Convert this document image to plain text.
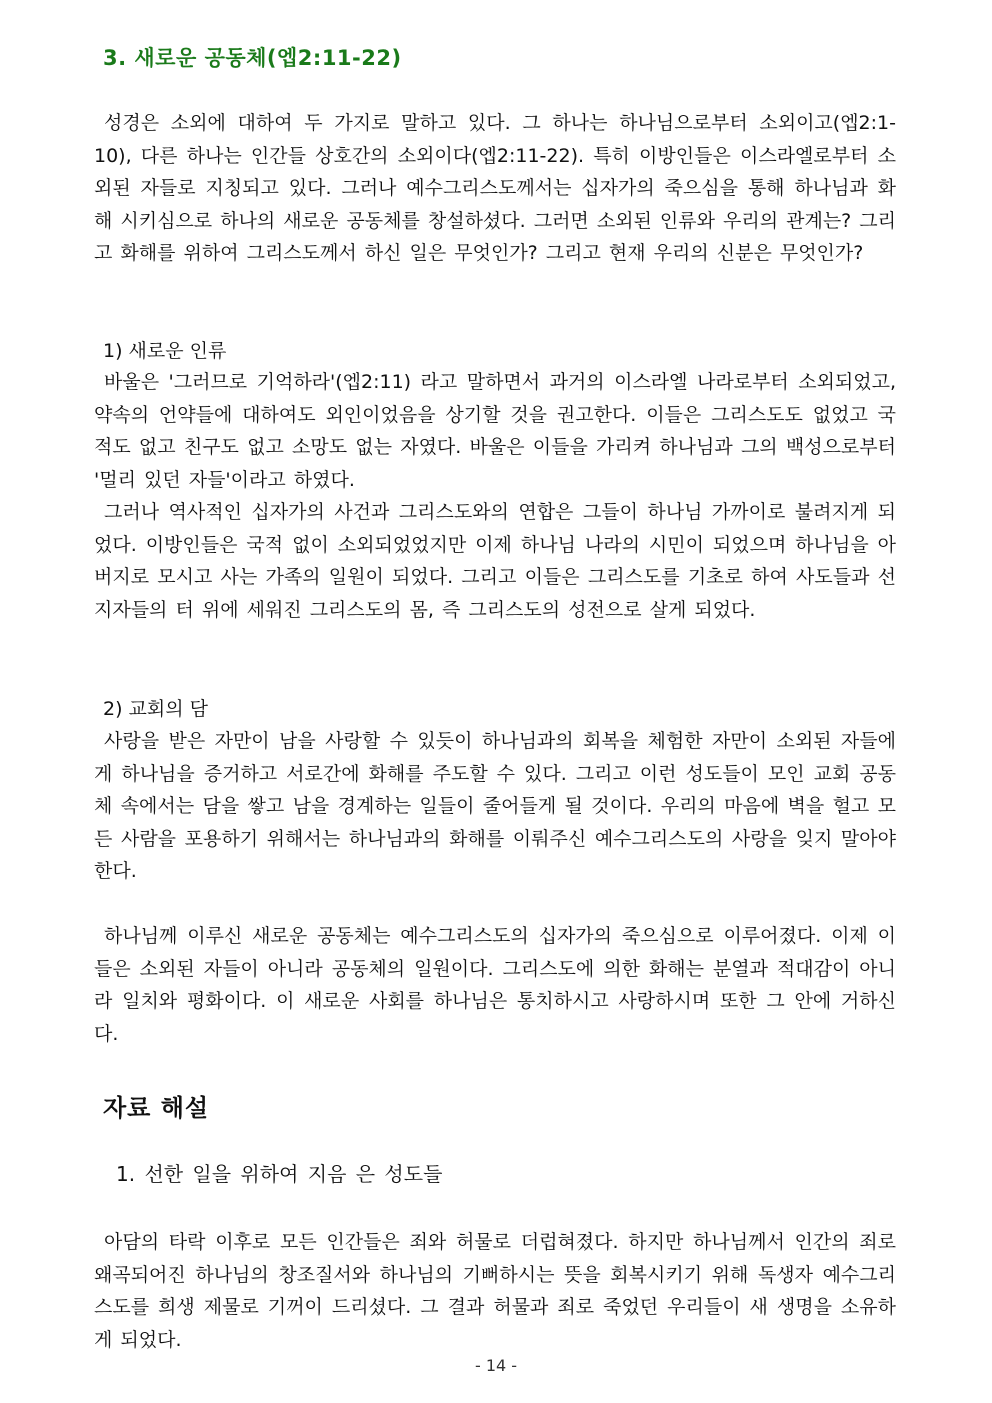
3. 새로운 공동체(엡2:11-22)

성경은 소외에 대하여 두 가지로 말하고 있다. 그 하나는 하나님으로부터 소외이고(엡2:1-10), 다른 하나는 인간들 상호간의 소외이다(엡2:11-22). 특히 이방인들은 이스라엘로부터 소외된 자들로 지칭되고 있다. 그러나 예수그리스도께서는 십자가의 죽으심을 통해 하나님과 화해 시키심으로 하나의 새로운 공동체를 창설하셨다. 그러면 소외된 인류와 우리의 관계는? 그리고 화해를 위하여 그리스도께서 하신 일은 무엇인가? 그리고 현재 우리의 신분은 무엇인가?

1) 새로운 인류

바울은 '그러므로 기억하라'(엡2:11) 라고 말하면서 과거의 이스라엘 나라로부터 소외되었고, 약속의 언약들에 대하여도 외인이었음을 상기할 것을 권고한다. 이들은 그리스도도 없었고 국적도 없고 친구도 없고 소망도 없는 자였다. 바울은 이들을 가리켜 하나님과 그의 백성으로부터 '멀리 있던 자들'이라고 하였다.

그러나 역사적인 십자가의 사건과 그리스도와의 연합은 그들이 하나님 가까이로 불려지게 되었다. 이방인들은 국적 없이 소외되었었지만 이제 하나님 나라의 시민이 되었으며 하나님을 아버지로 모시고 사는 가족의 일원이 되었다. 그리고 이들은 그리스도를 기초로 하여 사도들과 선지자들의 터 위에 세워진 그리스도의 몸, 즉 그리스도의 성전으로 살게 되었다.

2) 교회의 담

사랑을 받은 자만이 남을 사랑할 수 있듯이 하나님과의 회복을 체험한 자만이 소외된 자들에게 하나님을 증거하고 서로간에 화해를 주도할 수 있다. 그리고 이런 성도들이 모인 교회 공동체 속에서는 담을 쌓고 남을 경계하는 일들이 줄어들게 될 것이다. 우리의 마음에 벽을 헐고 모든 사람을 포용하기 위해서는 하나님과의 화해를 이뤄주신 예수그리스도의 사랑을 잊지 말아야 한다.

하나님께 이루신 새로운 공동체는 예수그리스도의 십자가의 죽으심으로 이루어졌다. 이제 이들은 소외된 자들이 아니라 공동체의 일원이다. 그리스도에 의한 화해는 분열과 적대감이 아니라 일치와 평화이다. 이 새로운 사회를 하나님은 통치하시고 사랑하시며 또한 그 안에 거하신다.

자료 해설
1. 선한 일을 위하여 지음 은 성도들

아담의 타락 이후로 모든 인간들은 죄와 허물로 더럽혀졌다. 하지만 하나님께서 인간의 죄로 왜곡되어진 하나님의 창조질서와 하나님의 기뻐하시는 뜻을 회복시키기 위해 독생자 예수그리스도를 희생 제물로 기꺼이 드리셨다. 그 결과 허물과 죄로 죽었던 우리들이 새 생명을 소유하게 되었다.

- 14 -
